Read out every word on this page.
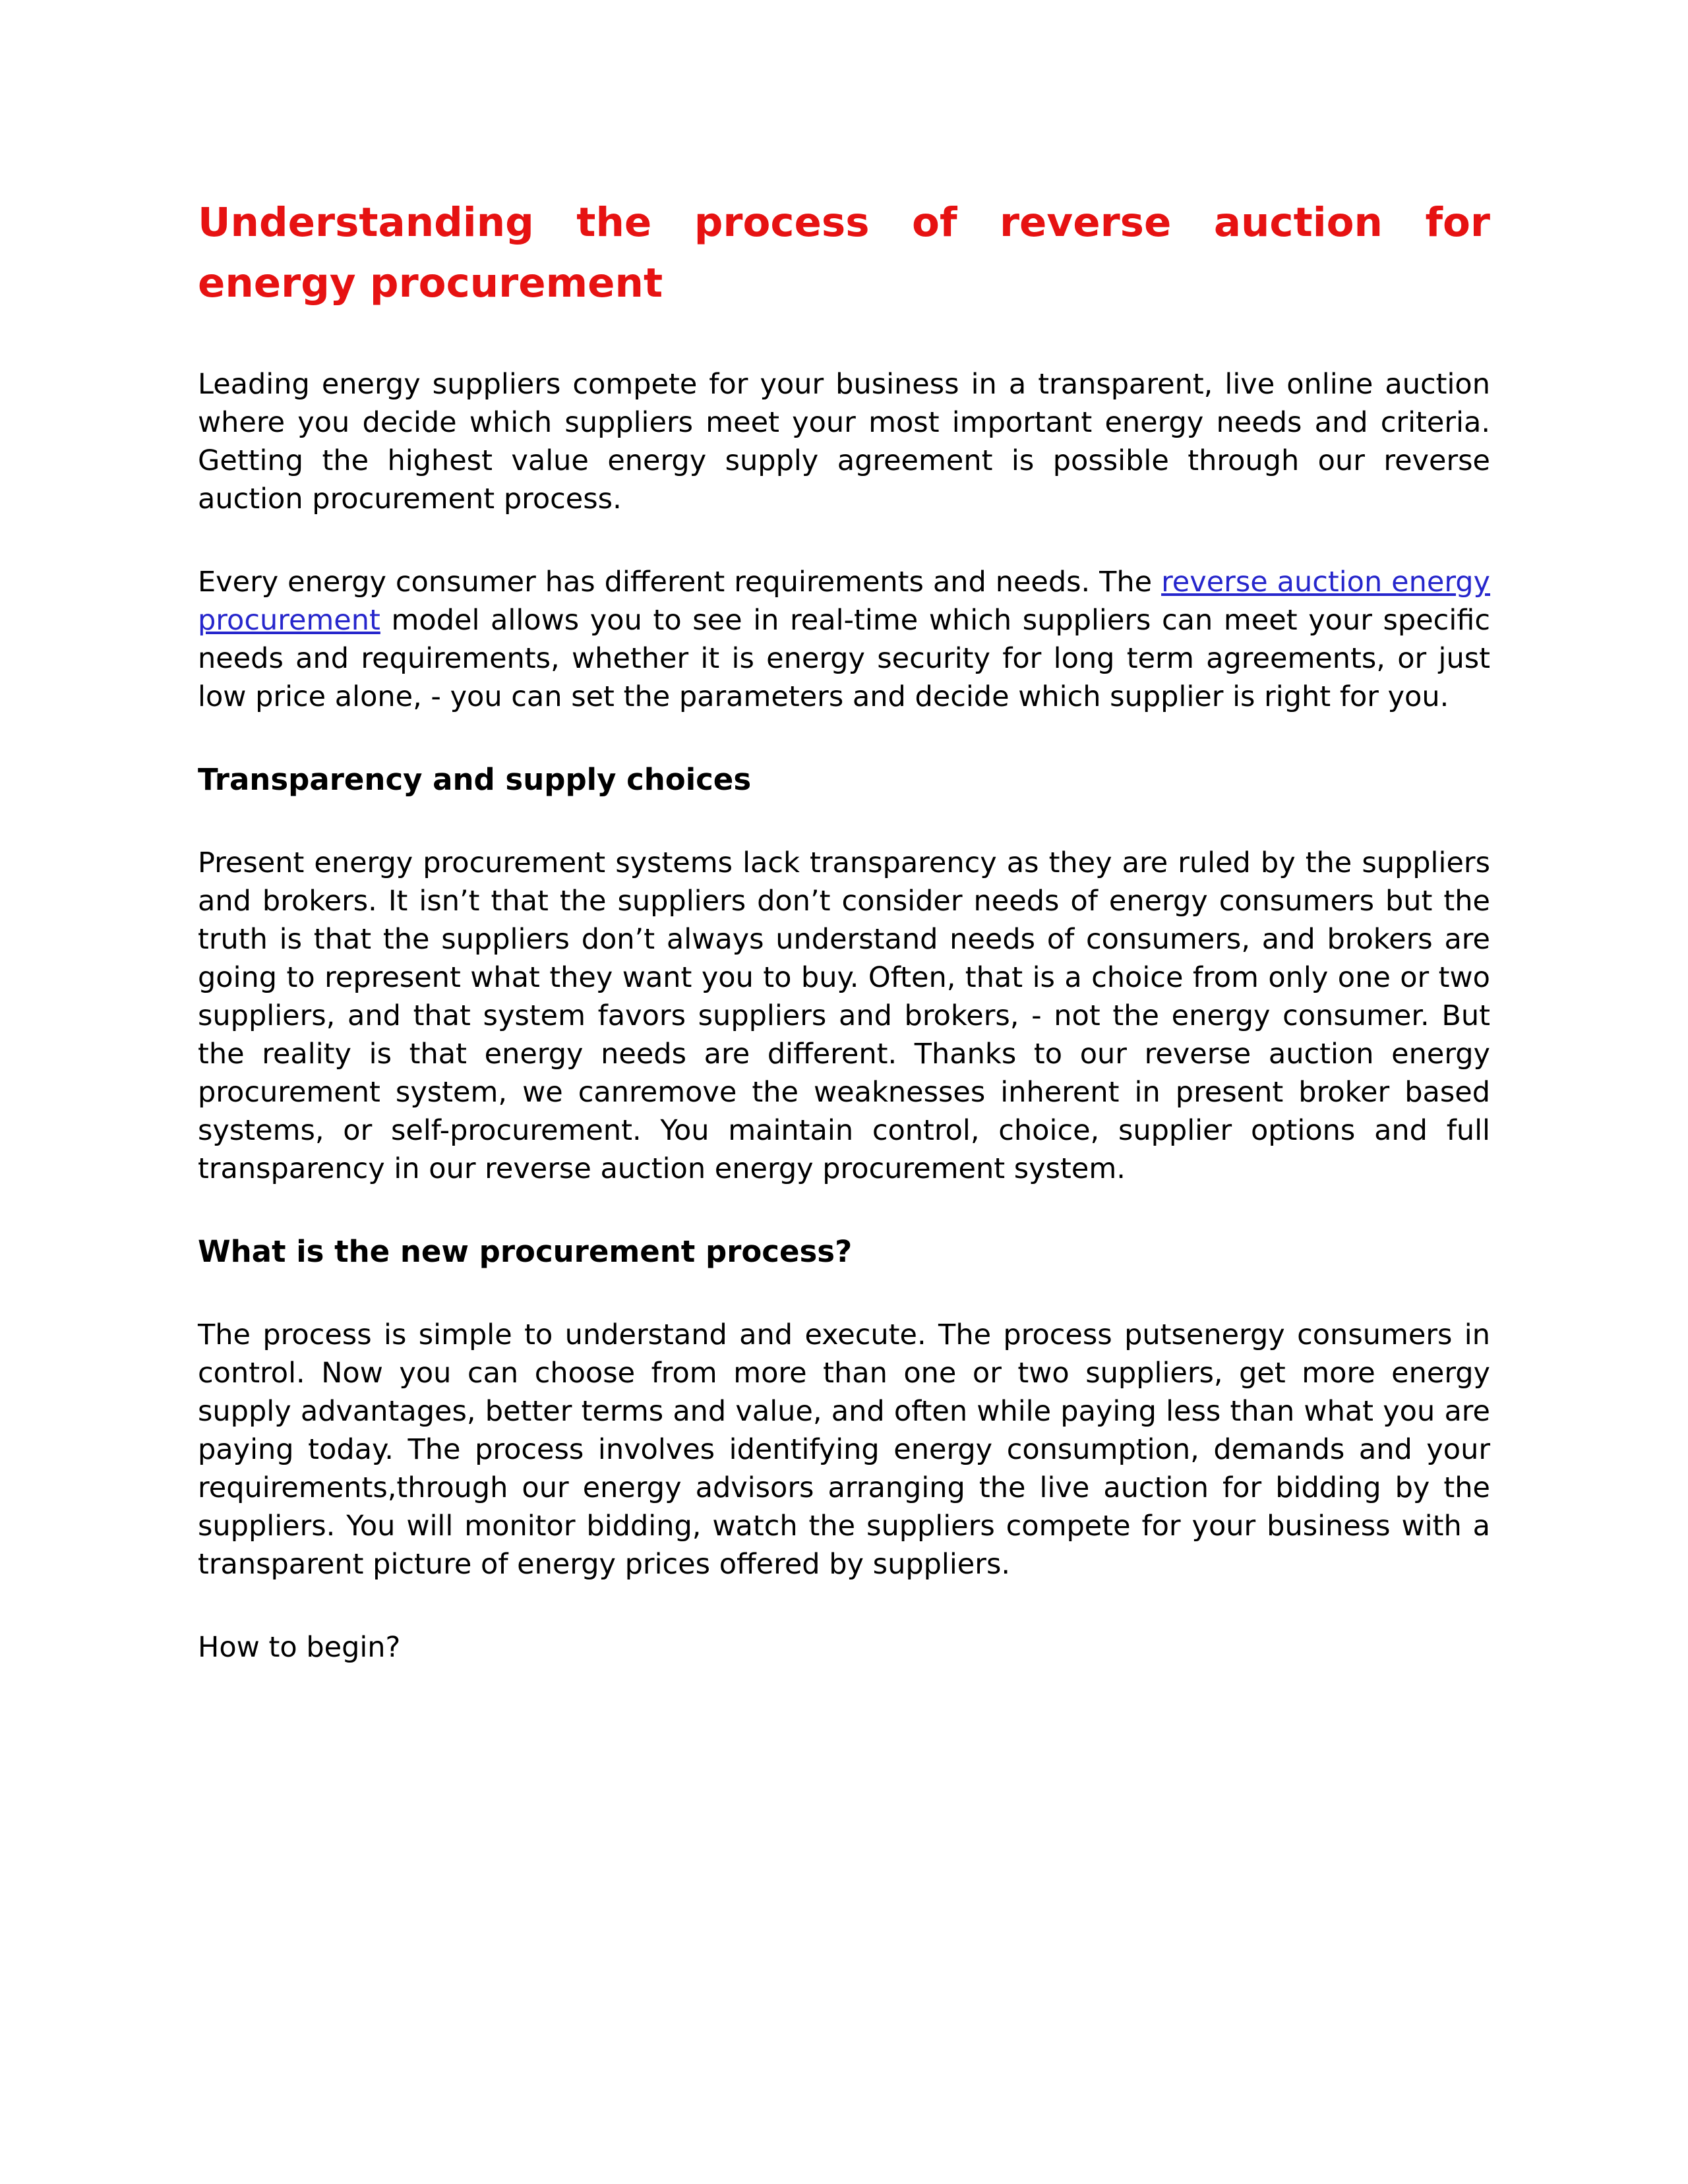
Understanding the process of reverse auction for energy procurement

Leading energy suppliers compete for your business in a transparent, live online auction where you decide which suppliers meet your most important energy needs and criteria. Getting the highest value energy supply agreement is possible through our reverse auction procurement process.

Every energy consumer has different requirements and needs. The reverse auction energy procurement model allows you to see in real-time which suppliers can meet your specific needs and requirements, whether it is energy security for long term agreements, or just low price alone, - you can set the parameters and decide which supplier is right for you.

Transparency and supply choices

Present energy procurement systems lack transparency as they are ruled by the suppliers and brokers. It isn’t that the suppliers don’t consider needs of energy consumers but the truth is that the suppliers don’t always understand needs of consumers, and brokers are going to represent what they want you to buy. Often, that is a choice from only one or two suppliers, and that system favors suppliers and brokers, - not the energy consumer. But the reality is that energy needs are different. Thanks to our reverse auction energy procurement system, we canremove the weaknesses inherent in present broker based systems, or self-procurement. You maintain control, choice, supplier options and full transparency in our reverse auction energy procurement system.

What is the new procurement process?

The process is simple to understand and execute. The process putsenergy consumers in control. Now you can choose from more than one or two suppliers, get more energy supply advantages, better terms and value, and often while paying less than what you are paying today. The process involves identifying energy consumption, demands and your requirements,through our energy advisors arranging the live auction for bidding by the suppliers. You will monitor bidding, watch the suppliers compete for your business with a transparent picture of energy prices offered by suppliers.

How to begin?
